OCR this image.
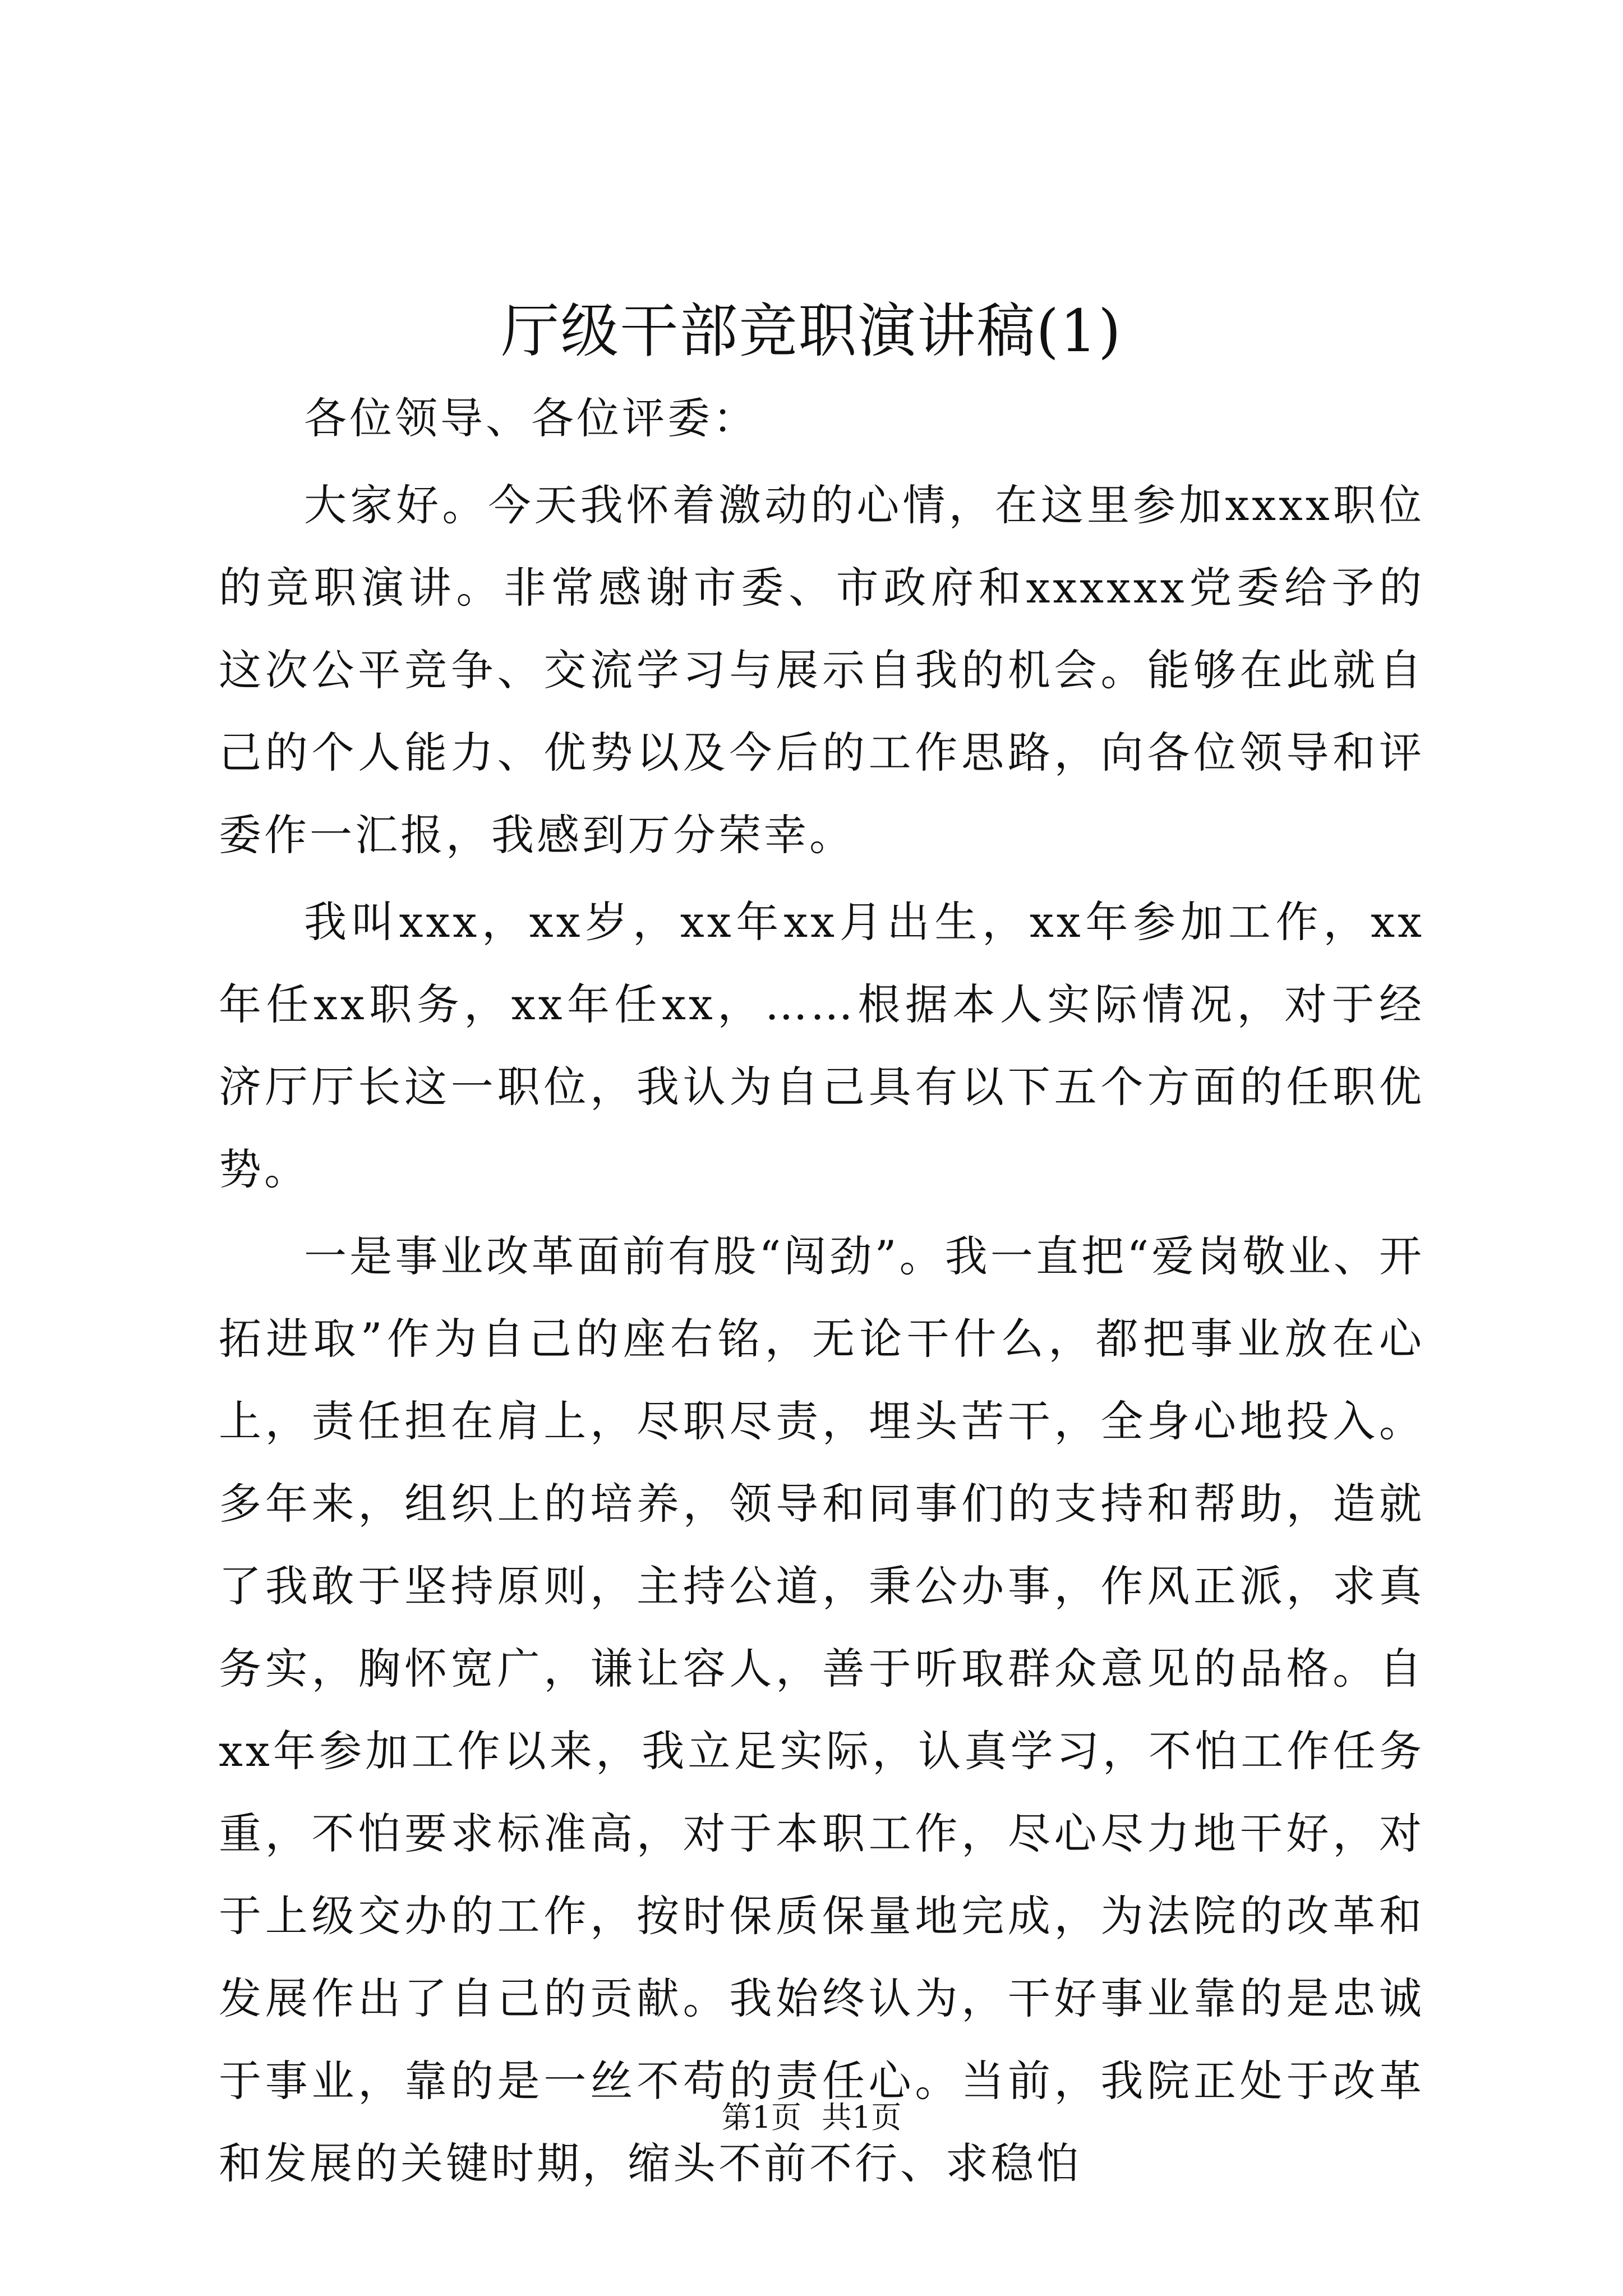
厅级干部竞职演讲稿(1)

各位领导、各位评委：

大家好。今天我怀着激动的心情，在这里参加xxxx职位的竞职演讲。非常感谢市委、市政府和xxxxxx党委给予的这次公平竞争、交流学习与展示自我的机会。能够在此就自己的个人能力、优势以及今后的工作思路，向各位领导和评委作一汇报，我感到万分荣幸。

我叫xxx，xx岁，xx年xx月出生，xx年参加工作，xx年任xx职务，xx年任xx，……根据本人实际情况，对于经济厅厅长这一职位，我认为自己具有以下五个方面的任职优势。

一是事业改革面前有股“闯劲”。我一直把“爱岗敬业、开拓进取”作为自己的座右铭，无论干什么，都把事业放在心上，责任担在肩上，尽职尽责，埋头苦干，全身心地投入。多年来，组织上的培养，领导和同事们的支持和帮助，造就了我敢于坚持原则，主持公道，秉公办事，作风正派，求真务实，胸怀宽广，谦让容人，善于听取群众意见的品格。自xx年参加工作以来，我立足实际，认真学习，不怕工作任务重，不怕要求标准高，对于本职工作，尽心尽力地干好，对于上级交办的工作，按时保质保量地完成，为法院的改革和发展作出了自己的贡献。我始终认为，干好事业靠的是忠诚于事业，靠的是一丝不苟的责任心。当前，我院正处于改革和发展的关键时期，缩头不前不行、求稳怕

第1页 共1页
